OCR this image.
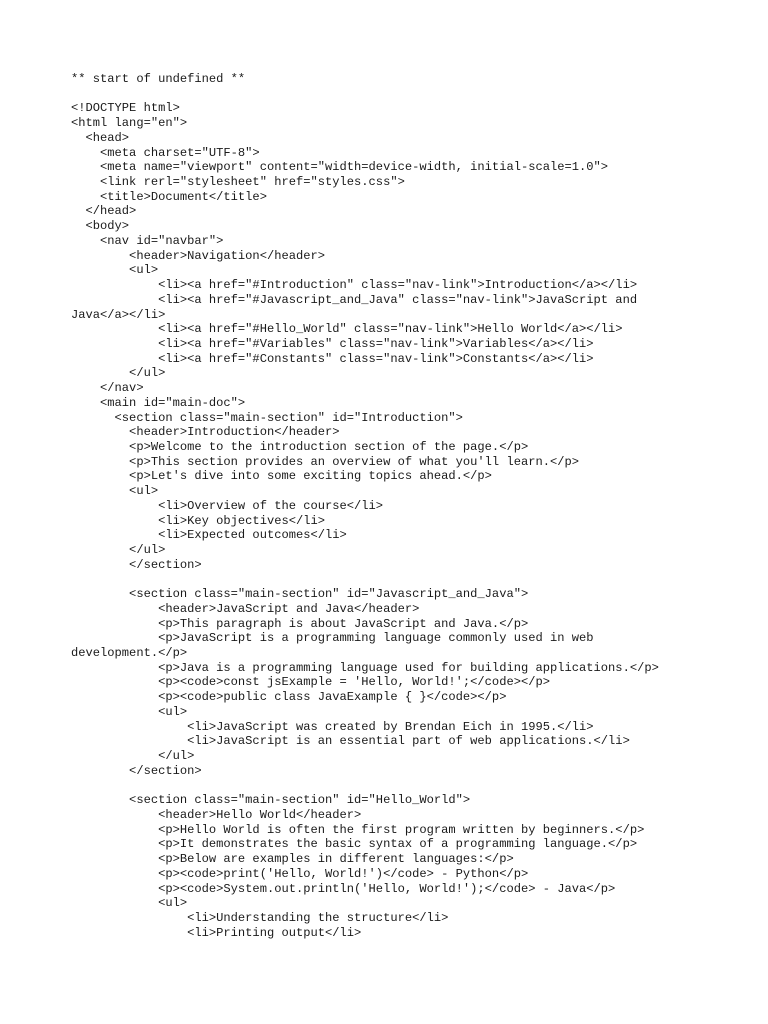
** start of undefined **
<!DOCTYPE html>
<html lang="en">
<head>
<meta charset="UTF-8">
<meta name="viewport" content="width=device-width, initial-scale=1.0">
<link rerl="stylesheet" href="styles.css">
<title>Document</title>
</head>
<body>
<nav id="navbar">
<header>Navigation</header>
<ul>
<li><a href="#Introduction" class="nav-link">Introduction</a></li>
<li><a href="#Javascript_and_Java" class="nav-link">JavaScript and
Java</a></li>
<li><a href="#Hello_World" class="nav-link">Hello World</a></li>
<li><a href="#Variables" class="nav-link">Variables</a></li>
<li><a href="#Constants" class="nav-link">Constants</a></li>
</ul>
</nav>
<main id="main-doc">
<section class="main-section" id="Introduction">
<header>Introduction</header>
<p>Welcome to the introduction section of the page.</p>
<p>This section provides an overview of what you'll learn.</p>
<p>Let's dive into some exciting topics ahead.</p>
<ul>
<li>Overview of the course</li>
<li>Key objectives</li>
<li>Expected outcomes</li>
</ul>
</section>
<section class="main-section" id="Javascript_and_Java">
<header>JavaScript and Java</header>
<p>This paragraph is about JavaScript and Java.</p>
<p>JavaScript is a programming language commonly used in web
development.</p>
<p>Java is a programming language used for building applications.</p>
<p><code>const jsExample = 'Hello, World!';</code></p>
<p><code>public class JavaExample { }</code></p>
<ul>
<li>JavaScript was created by Brendan Eich in 1995.</li>
<li>JavaScript is an essential part of web applications.</li>
</ul>
</section>
<section class="main-section" id="Hello_World">
<header>Hello World</header>
<p>Hello World is often the first program written by beginners.</p>
<p>It demonstrates the basic syntax of a programming language.</p>
<p>Below are examples in different languages:</p>
<p><code>print('Hello, World!')</code> - Python</p>
<p><code>System.out.println('Hello, World!');</code> - Java</p>
<ul>
<li>Understanding the structure</li>
<li>Printing output</li>
